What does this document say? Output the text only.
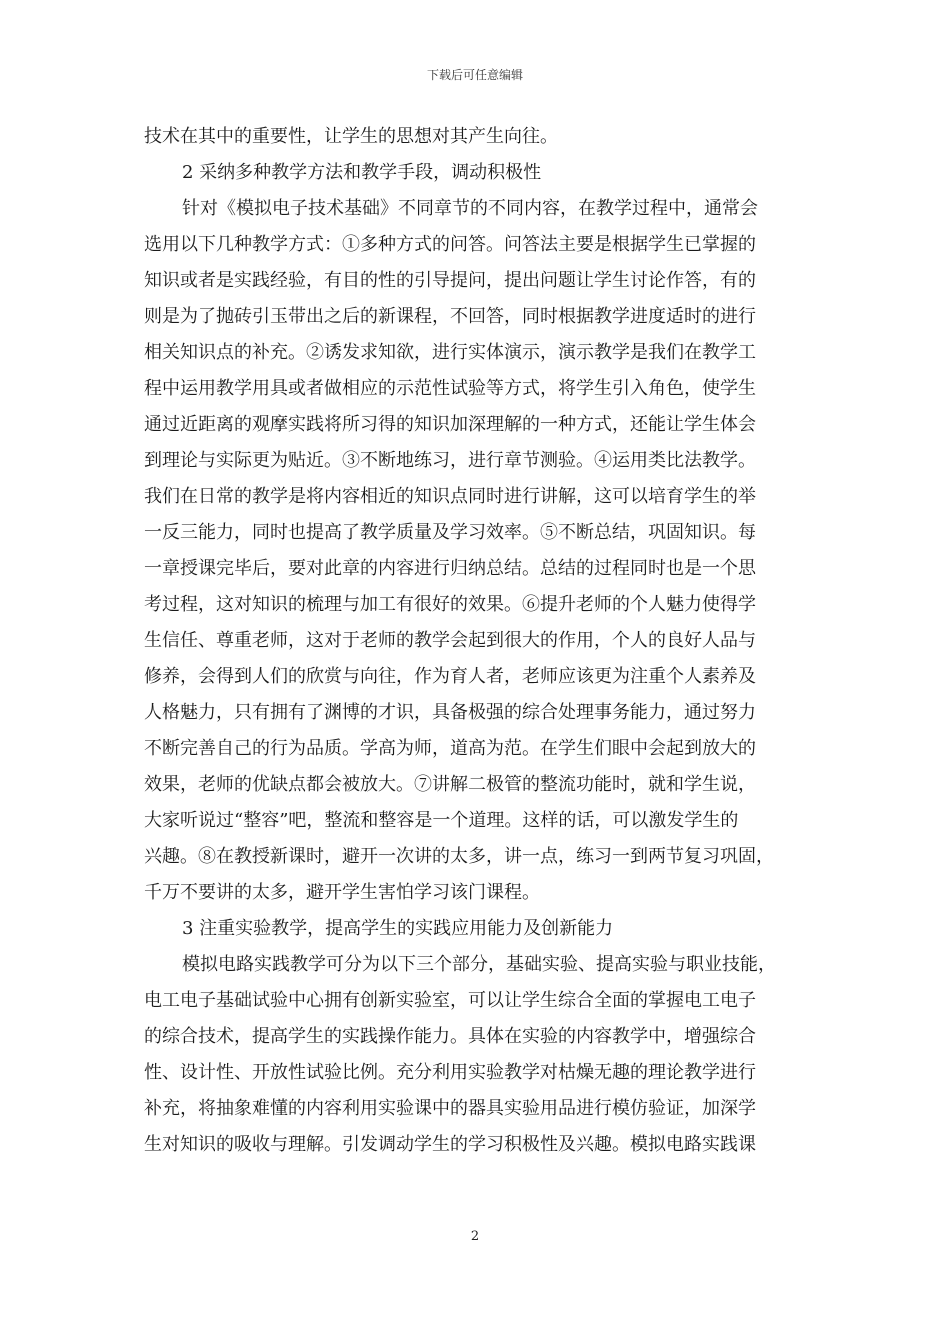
下载后可任意编辑
技术在其中的重要性，让学生的思想对其产生向往。
2 采纳多种教学方法和教学手段，调动积极性
针对《模拟电子技术基础》不同章节的不同内容，在教学过程中，通常会
选用以下几种教学方式：①多种方式的问答。问答法主要是根据学生已掌握的
知识或者是实践经验，有目的性的引导提问，提出问题让学生讨论作答，有的
则是为了抛砖引玉带出之后的新课程，不回答，同时根据教学进度适时的进行
相关知识点的补充。②诱发求知欲，进行实体演示，演示教学是我们在教学工
程中运用教学用具或者做相应的示范性试验等方式，将学生引入角色，使学生
通过近距离的观摩实践将所习得的知识加深理解的一种方式，还能让学生体会
到理论与实际更为贴近。③不断地练习，进行章节测验。④运用类比法教学。
我们在日常的教学是将内容相近的知识点同时进行讲解，这可以培育学生的举
一反三能力，同时也提高了教学质量及学习效率。⑤不断总结，巩固知识。每
一章授课完毕后，要对此章的内容进行归纳总结。总结的过程同时也是一个思
考过程，这对知识的梳理与加工有很好的效果。⑥提升老师的个人魅力使得学
生信任、尊重老师，这对于老师的教学会起到很大的作用，个人的良好人品与
修养，会得到人们的欣赏与向往，作为育人者，老师应该更为注重个人素养及
人格魅力，只有拥有了渊博的才识，具备极强的综合处理事务能力，通过努力
不断完善自己的行为品质。学高为师，道高为范。在学生们眼中会起到放大的
效果，老师的优缺点都会被放大。⑦讲解二极管的整流功能时，就和学生说，
大家听说过“整容”吧，整流和整容是一个道理。这样的话，可以激发学生的
兴趣。⑧在教授新课时，避开一次讲的太多，讲一点，练习一到两节复习巩固，
千万不要讲的太多，避开学生害怕学习该门课程。
3 注重实验教学，提高学生的实践应用能力及创新能力
模拟电路实践教学可分为以下三个部分，基础实验、提高实验与职业技能，
电工电子基础试验中心拥有创新实验室，可以让学生综合全面的掌握电工电子
的综合技术，提高学生的实践操作能力。具体在实验的内容教学中，增强综合
性、设计性、开放性试验比例。充分利用实验教学对枯燥无趣的理论教学进行
补充，将抽象难懂的内容利用实验课中的器具实验用品进行模仿验证，加深学
生对知识的吸收与理解。引发调动学生的学习积极性及兴趣。模拟电路实践课
2
